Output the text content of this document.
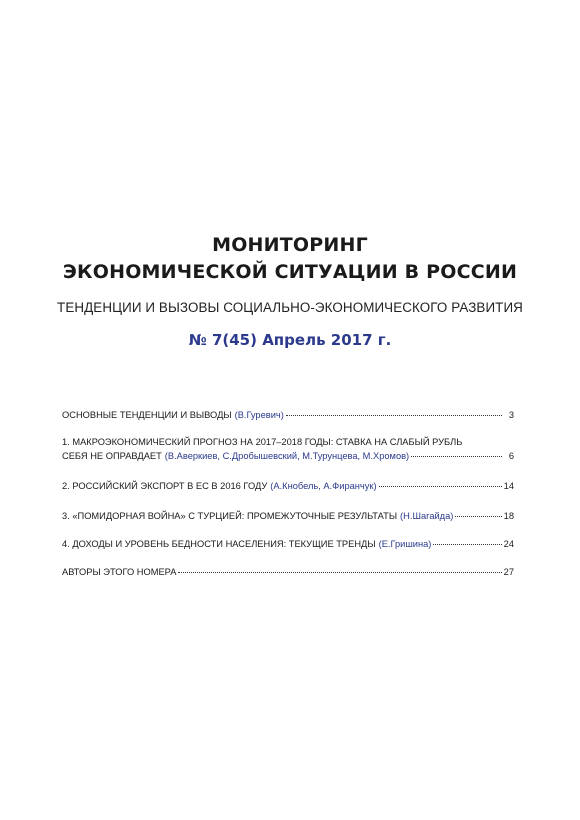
МОНИТОРИНГ
ЭКОНОМИЧЕСКОЙ СИТУАЦИИ В РОССИИ
ТЕНДЕНЦИИ И ВЫЗОВЫ СОЦИАЛЬНО-ЭКОНОМИЧЕСКОГО РАЗВИТИЯ
№ 7(45) Апрель 2017 г.
ОСНОВНЫЕ ТЕНДЕНЦИИ И ВЫВОДЫ (В.Гуревич)	3
1. МАКРОЭКОНОМИЧЕСКИЙ ПРОГНОЗ НА 2017–2018 ГОДЫ: СТАВКА НА СЛАБЫЙ РУБЛЬ
СЕБЯ НЕ ОПРАВДАЕТ (В.Аверкиев, С.Дробышевский, М.Турунцева, М.Хромов)	6
2. РОССИЙСКИЙ ЭКСПОРТ В ЕС В 2016 ГОДУ (А.Кнобель, А.Фиранчук)	14
3. «ПОМИДОРНАЯ ВОЙНА» С ТУРЦИЕЙ: ПРОМЕЖУТОЧНЫЕ РЕЗУЛЬТАТЫ (Н.Шагайда)	18
4. ДОХОДЫ И УРОВЕНЬ БЕДНОСТИ НАСЕЛЕНИЯ: ТЕКУЩИЕ ТРЕНДЫ (Е.Гришина)	24
АВТОРЫ ЭТОГО НОМЕРА	27
